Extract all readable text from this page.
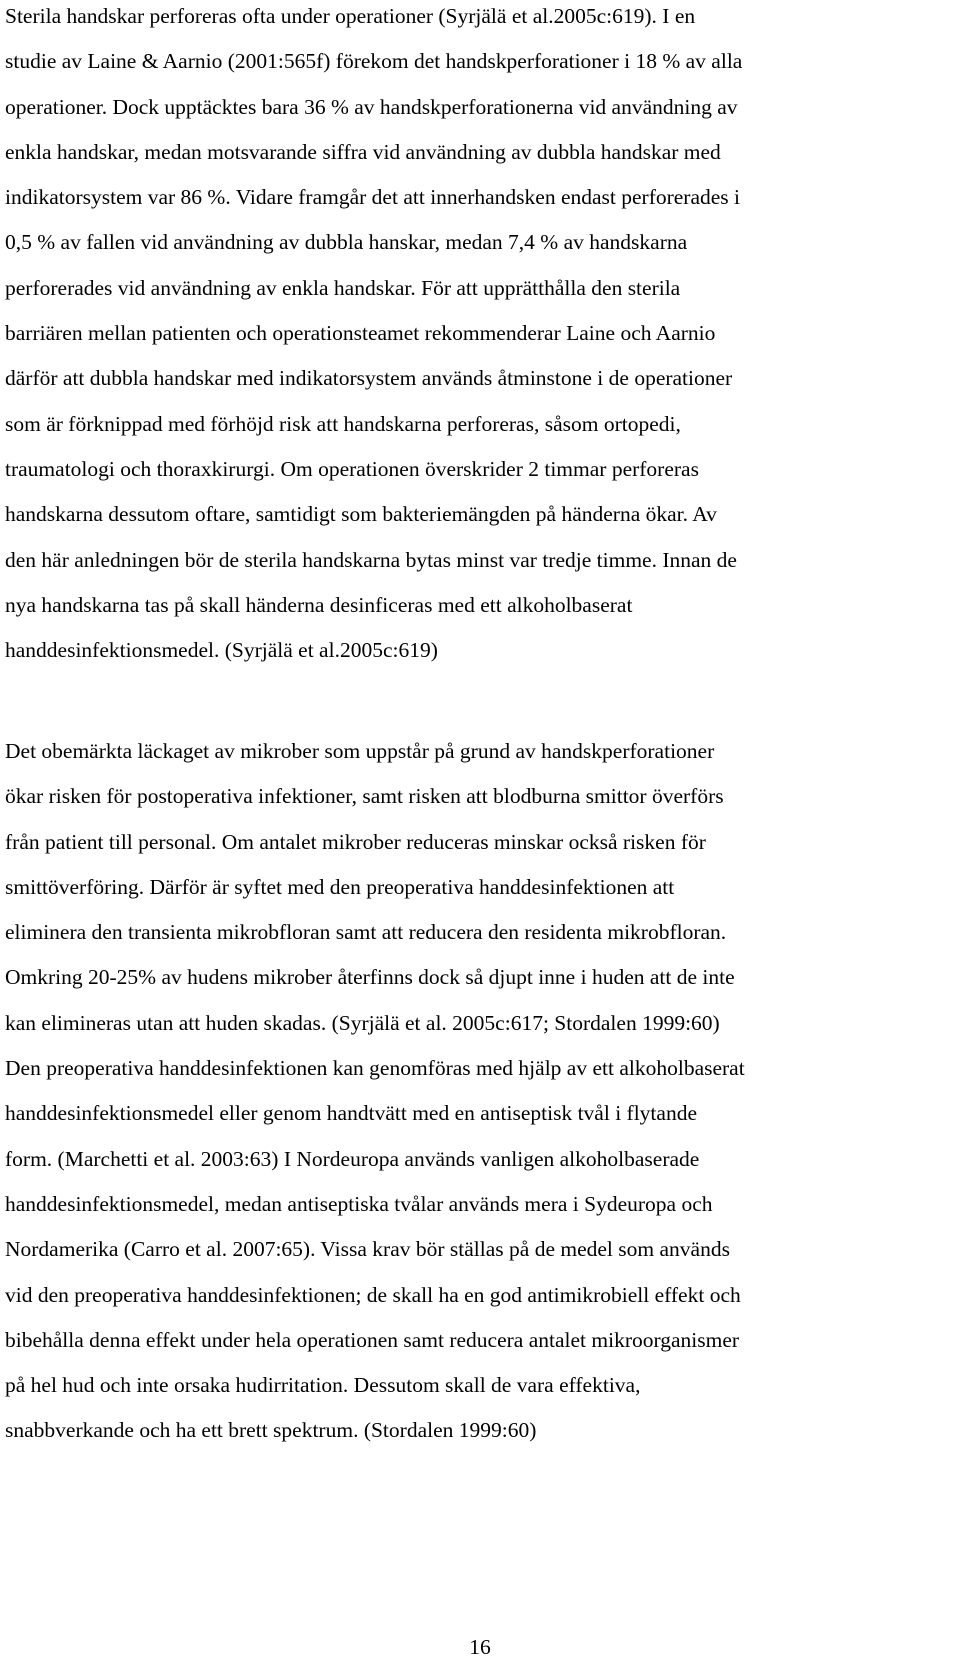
Sterila handskar perforeras ofta under operationer (Syrjälä et al.2005c:619). I en
studie av Laine & Aarnio (2001:565f) förekom det handskperforationer i 18 % av alla
operationer. Dock upptäcktes bara 36 % av handskperforationerna vid användning av
enkla handskar, medan motsvarande siffra vid användning av dubbla handskar med
indikatorsystem var 86 %. Vidare framgår det att innerhandsken endast perforerades i
0,5 % av fallen vid användning av dubbla hanskar, medan 7,4 % av handskarna
perforerades vid användning av enkla handskar. För att upprätthålla den sterila
barriären mellan patienten och operationsteamet rekommenderar Laine och Aarnio
därför att dubbla handskar med indikatorsystem används åtminstone i de operationer
som är förknippad med förhöjd risk att handskarna perforeras, såsom ortopedi,
traumatologi och thoraxkirurgi. Om operationen överskrider 2 timmar perforeras
handskarna dessutom oftare, samtidigt som bakteriemängden på händerna ökar. Av
den här anledningen bör de sterila handskarna bytas minst var tredje timme. Innan de
nya handskarna tas på skall händerna desinficeras med ett alkoholbaserat
handdesinfektionsmedel. (Syrjälä et al.2005c:619)
Det obemärkta läckaget av mikrober som uppstår på grund av handskperforationer
ökar risken för postoperativa infektioner, samt risken att blodburna smittor överförs
från patient till personal. Om antalet mikrober reduceras minskar också risken för
smittöverföring. Därför är syftet med den preoperativa handdesinfektionen att
eliminera den transienta mikrobfloran samt att reducera den residenta mikrobfloran.
Omkring 20-25% av hudens mikrober återfinns dock så djupt inne i huden att de inte
kan elimineras utan att huden skadas. (Syrjälä et al. 2005c:617; Stordalen 1999:60)
Den preoperativa handdesinfektionen kan genomföras med hjälp av ett alkoholbaserat
handdesinfektionsmedel eller genom handtvätt med en antiseptisk tvål i flytande
form. (Marchetti et al. 2003:63) I Nordeuropa används vanligen alkoholbaserade
handdesinfektionsmedel, medan antiseptiska tvålar används mera i Sydeuropa och
Nordamerika (Carro et al. 2007:65). Vissa krav bör ställas på de medel som används
vid den preoperativa handdesinfektionen; de skall ha en god antimikrobiell effekt och
bibehålla denna effekt under hela operationen samt reducera antalet mikroorganismer
på hel hud och inte orsaka hudirritation. Dessutom skall de vara effektiva,
snabbverkande och ha ett brett spektrum. (Stordalen 1999:60)
16
